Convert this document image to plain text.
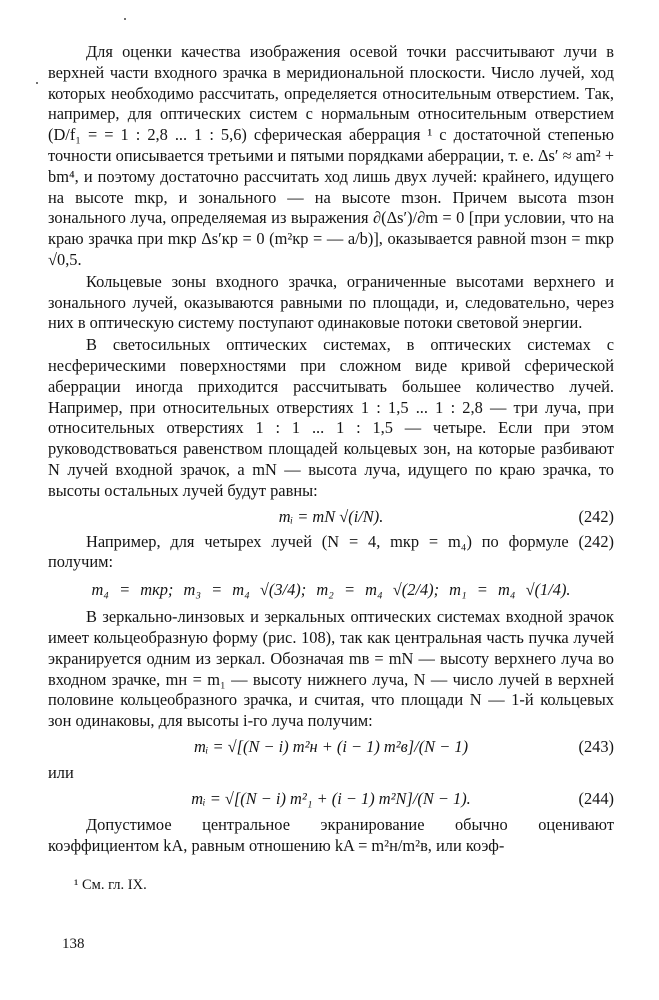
Для оценки качества изображения осевой точки рассчитывают лучи в верхней части входного зрачка в меридиональной плоскости. Число лучей, ход которых необходимо рассчитать, определяется относительным отверстием. Так, например, для оптических систем с нормальным относительным отверстием (D/f₁ = = 1 : 2,8 ... 1 : 5,6) сферическая аберрация ¹ с достаточной степенью точности описывается третьими и пятыми порядками аберрации, т. е. Δs′ ≈ am² + bm⁴, и поэтому достаточно рассчитать ход лишь двух лучей: крайнего, идущего на высоте mкр, и зонального — на высоте mзон. Причем высота mзон зонального луча, определяемая из выражения ∂(Δs′)/∂m = 0 [при условии, что на краю зрачка при mкр Δs′кр = 0 (m²кр = — a/b)], оказывается равной mзон = mкр √0,5.

Кольцевые зоны входного зрачка, ограниченные высотами верхнего и зонального лучей, оказываются равными по площади, и, следовательно, через них в оптическую систему поступают одинаковые потоки световой энергии.

В светосильных оптических системах, в оптических системах с несферическими поверхностями при сложном виде кривой сферической аберрации иногда приходится рассчитывать большее количество лучей. Например, при относительных отверстиях 1 : 1,5 ... 1 : 2,8 — три луча, при относительных отверстиях 1 : 1 ... 1 : 1,5 — четыре. Если при этом руководствоваться равенством площадей кольцевых зон, на которые разбивают N лучей входной зрачок, а mN — высота луча, идущего по краю зрачка, то высоты остальных лучей будут равны:

mᵢ = mN √(i/N).	(242)

Например, для четырех лучей (N = 4, mкр = m₄) по формуле (242) получим:

m₄ = mкр; m₃ = m₄ √(3/4); m₂ = m₄ √(2/4); m₁ = m₄ √(1/4).

В зеркально-линзовых и зеркальных оптических системах входной зрачок имеет кольцеобразную форму (рис. 108), так как центральная часть пучка лучей экранируется одним из зеркал. Обозначая mв = mN — высоту верхнего луча во входном зрачке, mн = m₁ — высоту нижнего луча, N — число лучей в верхней половине кольцеобразного зрачка, и считая, что площади N — 1-й кольцевых зон одинаковы, для высоты i-го луча получим:

mᵢ = √[(N − i) m²н + (i − 1) m²в]/(N − 1)	(243)
или
mᵢ = √[(N − i) m²₁ + (i − 1) m²N]/(N − 1).	(244)

Допустимое центральное экранирование обычно оценивают коэффициентом kA, равным отношению kA = m²н/m²в, или коэф-

¹ См. гл. IX.
138
